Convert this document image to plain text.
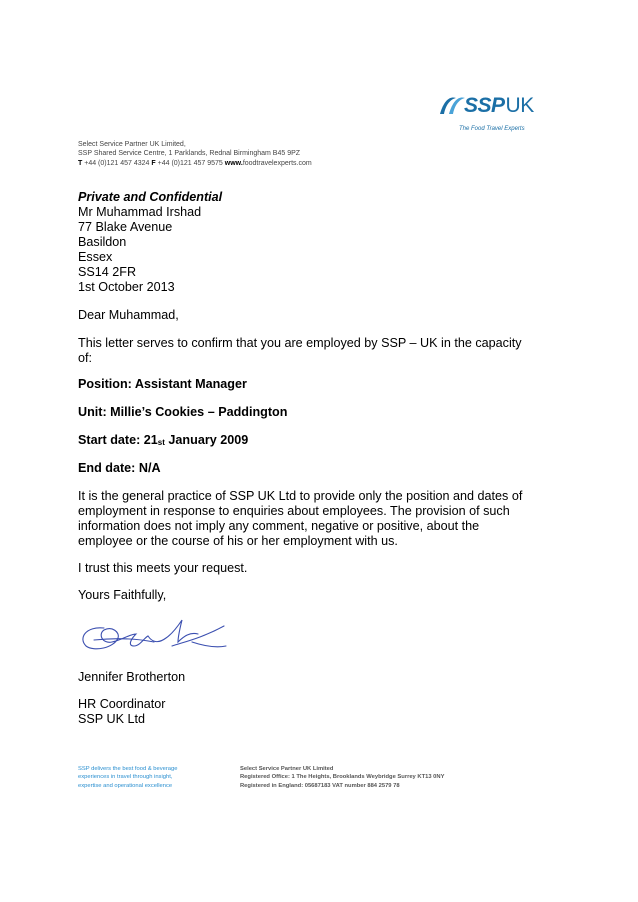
SSPUK
The Food Travel Experts
Select Service Partner UK Limited,
SSP Shared Service Centre, 1 Parklands, Rednal Birmingham B45 9PZ
T +44 (0)121 457 4324 F +44 (0)121 457 9575 www.foodtravelexperts.com
Private and Confidential
Mr Muhammad Irshad
77 Blake Avenue
Basildon
Essex
SS14 2FR
1st October 2013
Dear Muhammad,
This letter serves to confirm that you are employed by SSP – UK in the capacity
of:
Position: Assistant Manager
Unit: Millie’s Cookies – Paddington
Start date: 21st January 2009
End date: N/A
It is the general practice of SSP UK Ltd to provide only the position and dates of
employment in response to enquiries about employees. The provision of such
information does not imply any comment, negative or positive, about the
employee or the course of his or her employment with us.
I trust this meets your request.
Yours Faithfully,
Jennifer Brotherton
HR Coordinator
SSP UK Ltd
SSP delivers the best food & beverage
experiences in travel through insight,
expertise and operational excellence
Select Service Partner UK Limited
Registered Office: 1 The Heights, Brooklands Weybridge Surrey KT13 0NY
Registered in England: 05687183 VAT number 884 2579 78
